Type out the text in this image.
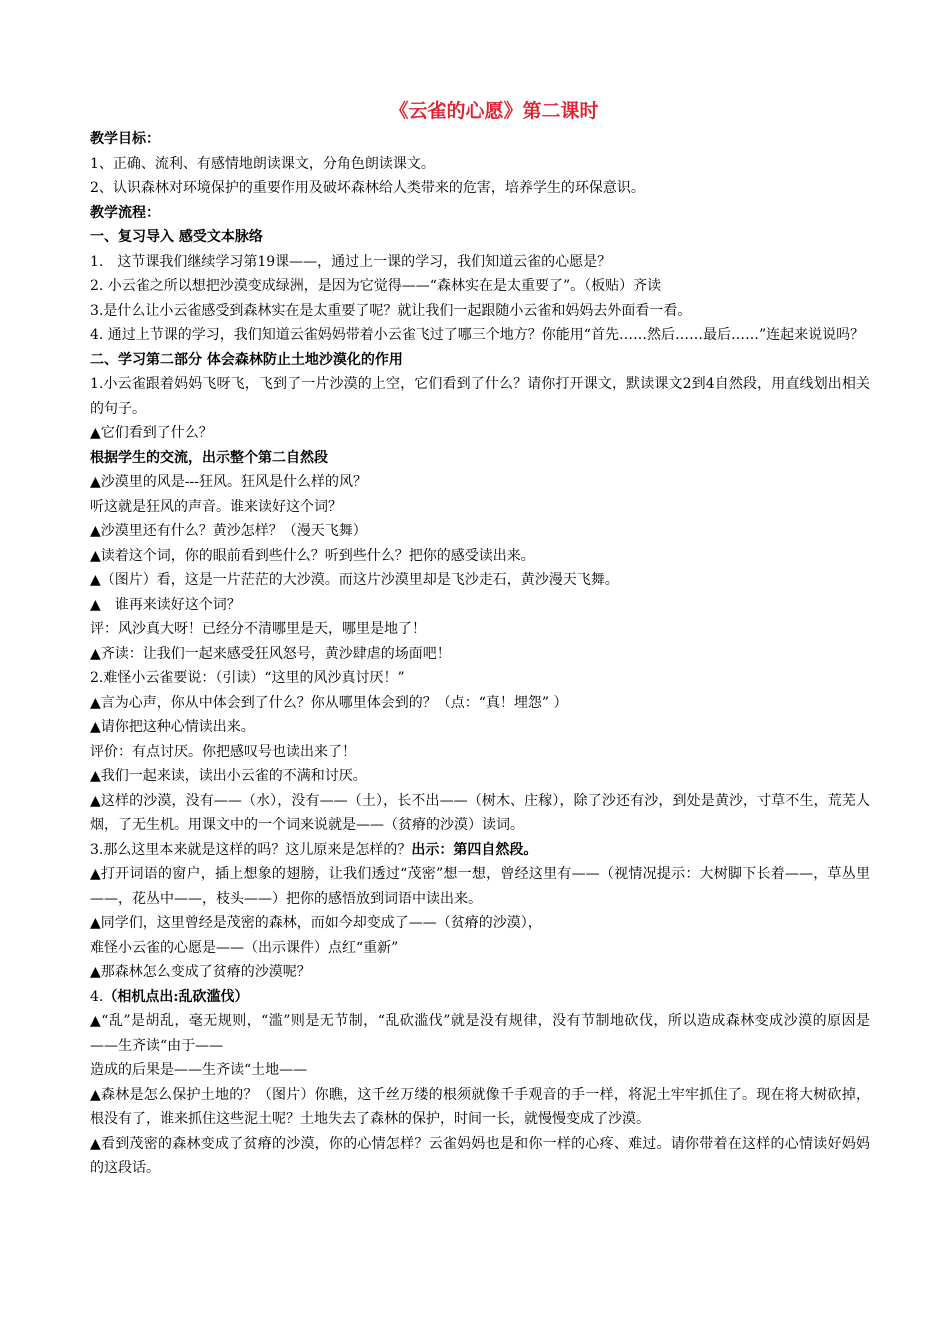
《云雀的心愿》第二课时

教学目标：

1、正确、流利、有感情地朗读课文，分角色朗读课文。

2、认识森林对环境保护的重要作用及破坏森林给人类带来的危害，培养学生的环保意识。

教学流程：

一、复习导入 感受文本脉络

1.　这节课我们继续学习第19课——，通过上一课的学习，我们知道云雀的心愿是？

2. 小云雀之所以想把沙漠变成绿洲，是因为它觉得——“森林实在是太重要了”。（板贴）齐读

3.是什么让小云雀感受到森林实在是太重要了呢？就让我们一起跟随小云雀和妈妈去外面看一看。

4. 通过上节课的学习，我们知道云雀妈妈带着小云雀飞过了哪三个地方？你能用“首先……然后……最后……”连起来说说吗？

二、学习第二部分 体会森林防止土地沙漠化的作用

1.小云雀跟着妈妈飞呀飞，飞到了一片沙漠的上空，它们看到了什么？请你打开课文，默读课文2到4自然段，用直线划出相关的句子。

▲它们看到了什么？

根据学生的交流，出示整个第二自然段

▲沙漠里的风是---狂风。狂风是什么样的风？

听这就是狂风的声音。谁来读好这个词？

▲沙漠里还有什么？黄沙怎样？（漫天飞舞）

▲读着这个词，你的眼前看到些什么？听到些什么？把你的感受读出来。

▲（图片）看，这是一片茫茫的大沙漠。而这片沙漠里却是飞沙走石，黄沙漫天飞舞。

▲　谁再来读好这个词？

评：风沙真大呀！已经分不清哪里是天，哪里是地了！

▲齐读：让我们一起来感受狂风怒号，黄沙肆虐的场面吧！

2.难怪小云雀要说：（引读）“这里的风沙真讨厌！”

▲言为心声，你从中体会到了什么？你从哪里体会到的？（点：“真！埋怨” ）

▲请你把这种心情读出来。

评价：有点讨厌。你把感叹号也读出来了！

▲我们一起来读，读出小云雀的不满和讨厌。

▲这样的沙漠，没有——（水），没有——（土），长不出——（树木、庄稼），除了沙还有沙，到处是黄沙，寸草不生，荒芜人烟，了无生机。用课文中的一个词来说就是——（贫瘠的沙漠）读词。

3.那么这里本来就是这样的吗？这儿原来是怎样的？出示：第四自然段。

▲打开词语的窗户，插上想象的翅膀，让我们透过“茂密”想一想，曾经这里有——（视情况提示：大树脚下长着——，草丛里——，花丛中——，枝头——）把你的感悟放到词语中读出来。

▲同学们，这里曾经是茂密的森林，而如今却变成了——（贫瘠的沙漠），

难怪小云雀的心愿是——（出示课件）点红“重新”

▲那森林怎么变成了贫瘠的沙漠呢？

4.（相机点出:乱砍滥伐）

▲“乱”是胡乱，毫无规则，“滥”则是无节制，“乱砍滥伐”就是没有规律，没有节制地砍伐，所以造成森林变成沙漠的原因是——生齐读“由于——

造成的后果是——生齐读“土地——

▲森林是怎么保护土地的？（图片）你瞧，这千丝万缕的根须就像千手观音的手一样，将泥土牢牢抓住了。现在将大树砍掉，根没有了，谁来抓住这些泥土呢？土地失去了森林的保护，时间一长，就慢慢变成了沙漠。

▲看到茂密的森林变成了贫瘠的沙漠，你的心情怎样？云雀妈妈也是和你一样的心疼、难过。请你带着在这样的心情读好妈妈的这段话。
